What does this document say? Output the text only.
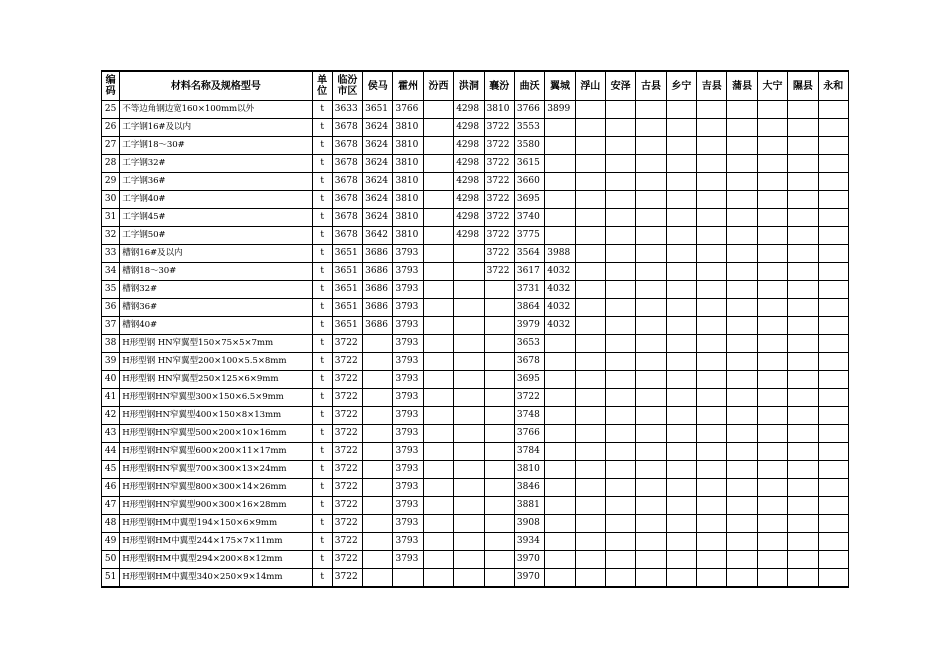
编码	材料名称及规格型号	单位	临汾市区	侯马	霍州	汾西	洪洞	襄汾	曲沃	翼城	浮山	安泽	古县	乡宁	吉县	蒲县	大宁	隰县	永和
25	不等边角钢边宽160×100mm以外	t	3633	3651	3766		4298	3810	3766	3899									
26	工字钢16#及以内	t	3678	3624	3810		4298	3722	3553										
27	工字钢18～30#	t	3678	3624	3810		4298	3722	3580										
28	工字钢32#	t	3678	3624	3810		4298	3722	3615										
29	工字钢36#	t	3678	3624	3810		4298	3722	3660										
30	工字钢40#	t	3678	3624	3810		4298	3722	3695										
31	工字钢45#	t	3678	3624	3810		4298	3722	3740										
32	工字钢50#	t	3678	3642	3810		4298	3722	3775										
33	槽钢16#及以内	t	3651	3686	3793			3722	3564	3988									
34	槽钢18～30#	t	3651	3686	3793			3722	3617	4032									
35	槽钢32#	t	3651	3686	3793				3731	4032									
36	槽钢36#	t	3651	3686	3793				3864	4032									
37	槽钢40#	t	3651	3686	3793				3979	4032									
38	H形型钢 HN窄翼型150×75×5×7mm	t	3722		3793				3653										
39	H形型钢 HN窄翼型200×100×5.5×8mm	t	3722		3793				3678										
40	H形型钢 HN窄翼型250×125×6×9mm	t	3722		3793				3695										
41	H形型钢HN窄翼型300×150×6.5×9mm	t	3722		3793				3722										
42	H形型钢HN窄翼型400×150×8×13mm	t	3722		3793				3748										
43	H形型钢HN窄翼型500×200×10×16mm	t	3722		3793				3766										
44	H形型钢HN窄翼型600×200×11×17mm	t	3722		3793				3784										
45	H形型钢HN窄翼型700×300×13×24mm	t	3722		3793				3810										
46	H形型钢HN窄翼型800×300×14×26mm	t	3722		3793				3846										
47	H形型钢HN窄翼型900×300×16×28mm	t	3722		3793				3881										
48	H形型钢HM中翼型194×150×6×9mm	t	3722		3793				3908										
49	H形型钢HM中翼型244×175×7×11mm	t	3722		3793				3934										
50	H形型钢HM中翼型294×200×8×12mm	t	3722		3793				3970										
51	H形型钢HM中翼型340×250×9×14mm	t	3722						3970										
